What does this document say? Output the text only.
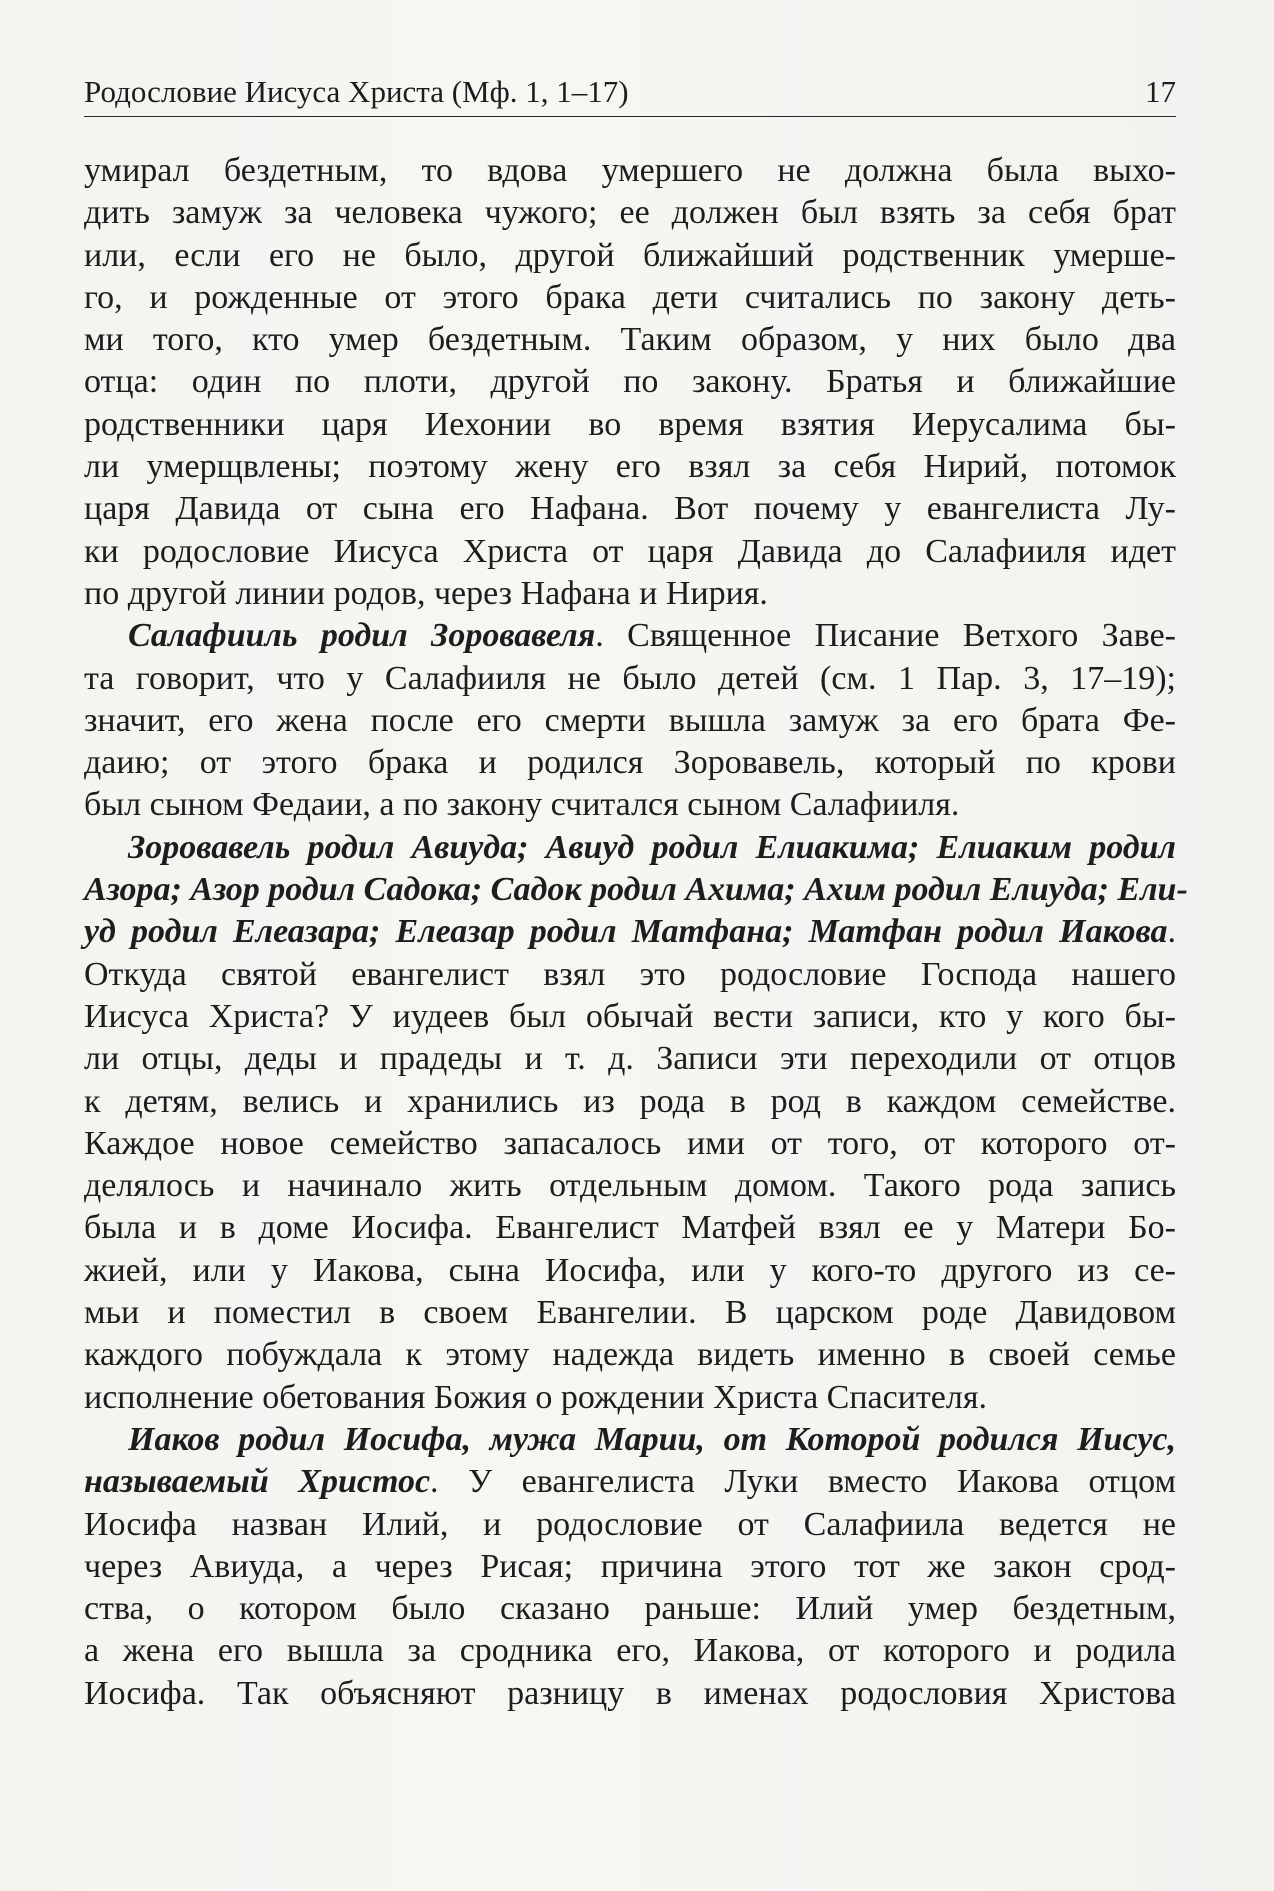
Родословие Иисуса Христа (Мф. 1, 1–17)	17
умирал бездетным, то вдова умершего не должна была выхо-
дить замуж за человека чужого; ее должен был взять за себя брат
или, если его не было, другой ближайший родственник умерше-
го, и рожденные от этого брака дети считались по закону деть-
ми того, кто умер бездетным. Таким образом, у них было два
отца: один по плоти, другой по закону. Братья и ближайшие
родственники царя Иехонии во время взятия Иерусалима бы-
ли умерщвлены; поэтому жену его взял за себя Нирий, потомок
царя Давида от сына его Нафана. Вот почему у евангелиста Лу-
ки родословие Иисуса Христа от царя Давида до Салафииля идет
по другой линии родов, через Нафана и Нирия.
Салафииль родил Зоровавеля. Священное Писание Ветхого Заве-
та говорит, что у Салафииля не было детей (см. 1 Пар. 3, 17–19);
значит, его жена после его смерти вышла замуж за его брата Фе-
даию; от этого брака и родился Зоровавель, который по крови
был сыном Федаии, а по закону считался сыном Салафииля.
Зоровавель родил Авиуда; Авиуд родил Елиакима; Елиаким родил
Азора; Азор родил Садока; Садок родил Ахима; Ахим родил Елиуда; Ели-
уд родил Елеазара; Елеазар родил Матфана; Матфан родил Иакова.
Откуда святой евангелист взял это родословие Господа нашего
Иисуса Христа? У иудеев был обычай вести записи, кто у кого бы-
ли отцы, деды и прадеды и т. д. Записи эти переходили от отцов
к детям, велись и хранились из рода в род в каждом семействе.
Каждое новое семейство запасалось ими от того, от которого от-
делялось и начинало жить отдельным домом. Такого рода запись
была и в доме Иосифа. Евангелист Матфей взял ее у Матери Бо-
жией, или у Иакова, сына Иосифа, или у кого-то другого из се-
мьи и поместил в своем Евангелии. В царском роде Давидовом
каждого побуждала к этому надежда видеть именно в своей семье
исполнение обетования Божия о рождении Христа Спасителя.
Иаков родил Иосифа, мужа Марии, от Которой родился Иисус,
называемый Христос. У евангелиста Луки вместо Иакова отцом
Иосифа назван Илий, и родословие от Салафиила ведется не
через Авиуда, а через Рисая; причина этого тот же закон срод-
ства, о котором было сказано раньше: Илий умер бездетным,
а жена его вышла за сродника его, Иакова, от которого и родила
Иосифа. Так объясняют разницу в именах родословия Христова
